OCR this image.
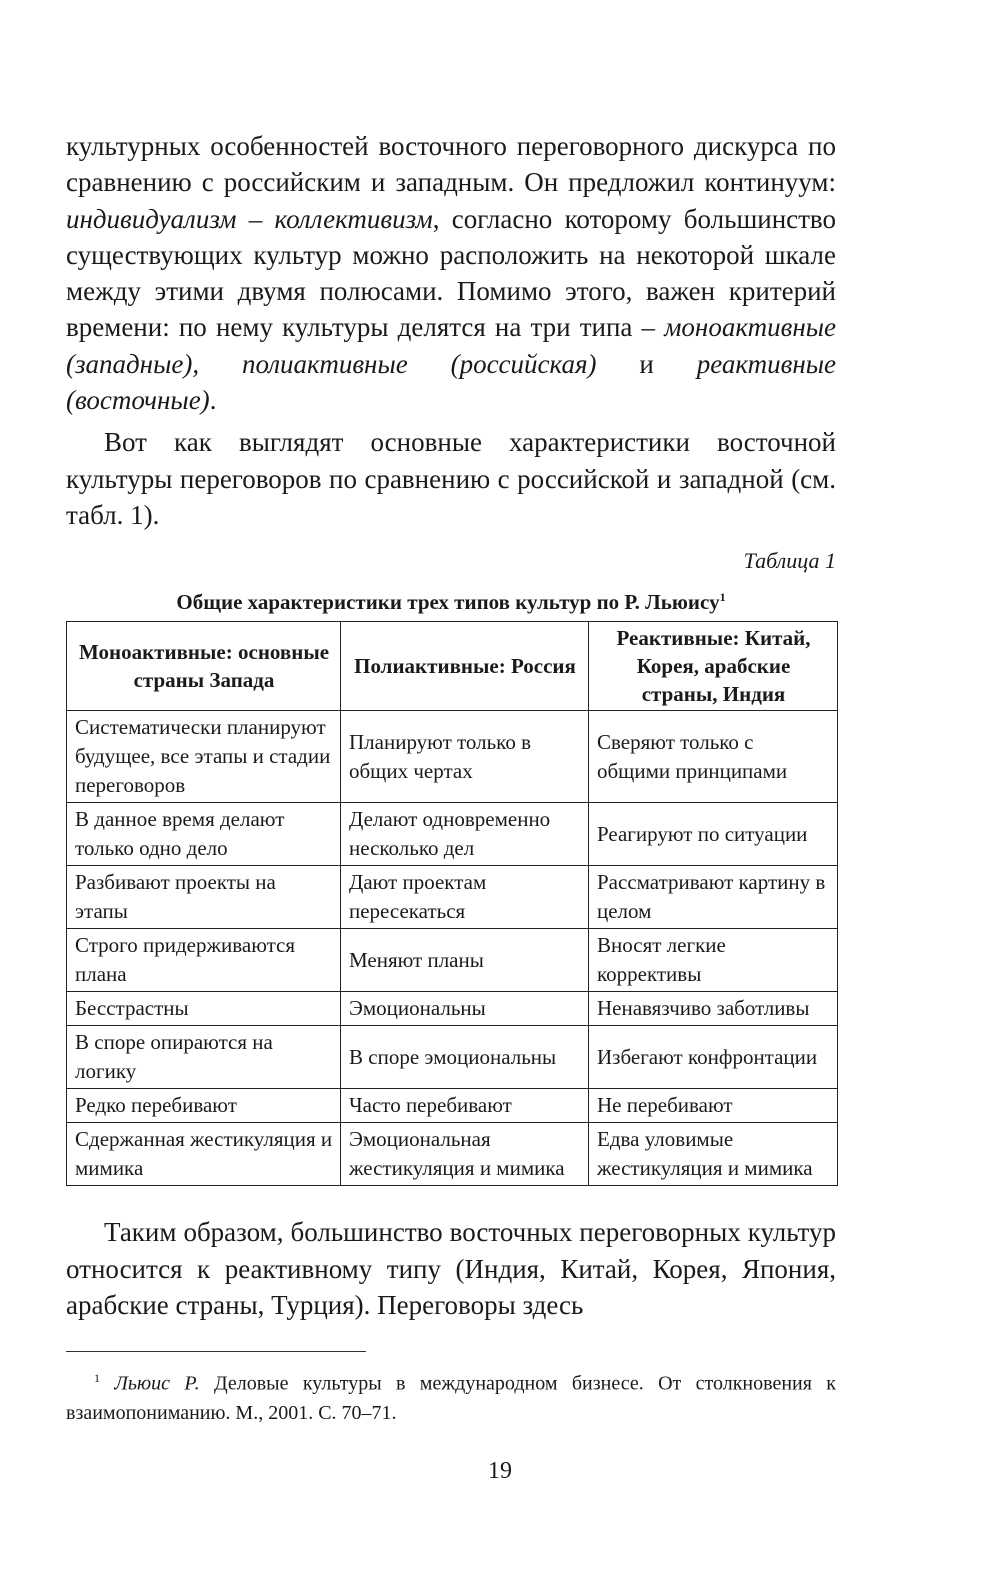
культурных особенностей восточного переговорного дискурса по сравнению с российским и западным. Он предложил континуум: индивидуализм – коллективизм, согласно которому большинство существующих культур можно расположить на некоторой шкале между этими двумя полюсами. Помимо этого, важен критерий времени: по нему культуры делятся на три типа – моноактивные (западные), полиактивные (российская) и реактивные (восточные).

Вот как выглядят основные характеристики восточной культуры переговоров по сравнению с российской и западной (см. табл. 1).

Таблица 1
Общие характеристики трех типов культур по Р. Льюису$^1$
Моноактивные: основные страны Запада	Полиактивные: Россия	Реактивные: Китай, Корея, арабские страны, Индия
Систематически планируют будущее, все этапы и стадии переговоров	Планируют только в общих чертах	Сверяют только с общими принципами
В данное время делают только одно дело	Делают одновременно несколько дел	Реагируют по ситуации
Разбивают проекты на этапы	Дают проектам пересекаться	Рассматривают картину в целом
Строго придерживаются плана	Меняют планы	Вносят легкие коррективы
Бесстрастны	Эмоциональны	Ненавязчиво заботливы
В споре опираются на логику	В споре эмоциональны	Избегают конфронтации
Редко перебивают	Часто перебивают	Не перебивают
Сдержанная жестикуляция и мимика	Эмоциональная жестикуляция и мимика	Едва уловимые жестикуляция и мимика

Таким образом, большинство восточных переговорных культур относится к реактивному типу (Индия, Китай, Корея, Япония, арабские страны, Турция). Переговоры здесь

$^1$ Льюис Р. Деловые культуры в международном бизнесе. От столкновения к взаимопониманию. М., 2001. С. 70–71.

19
